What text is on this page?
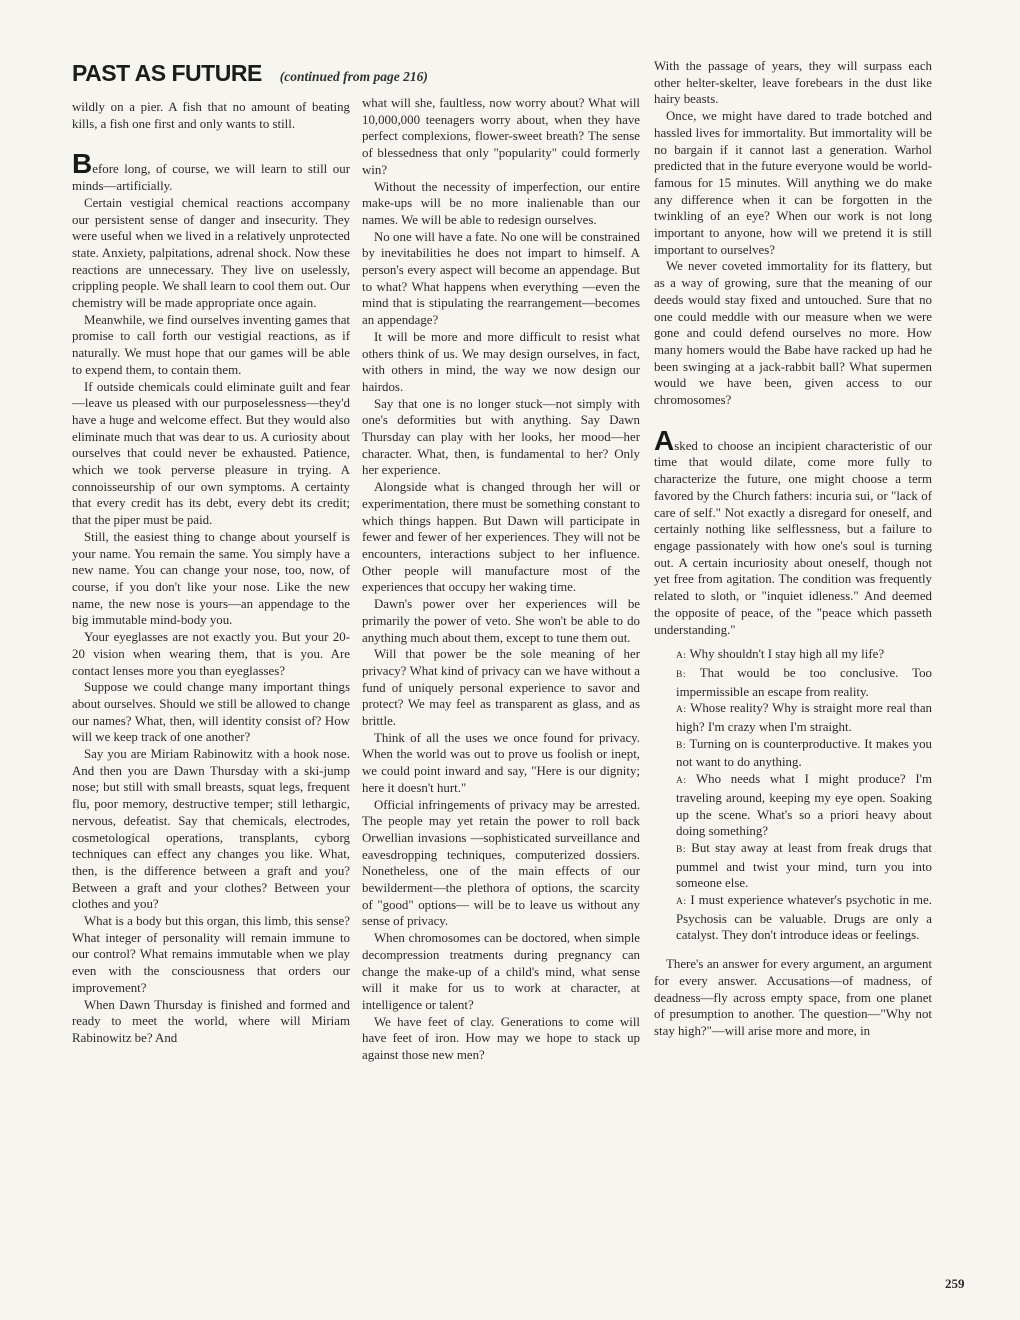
PAST AS FUTURE (continued from page 216)

wildly on a pier. A fish that no amount of beating kills, a fish one first and only wants to still.

Before long, of course, we will learn to still our minds—artificially.

Certain vestigial chemical reactions accompany our persistent sense of danger and insecurity. They were useful when we lived in a relatively unprotected state. Anxiety, palpitations, adrenal shock. Now these reactions are unnecessary. They live on uselessly, crippling people. We shall learn to cool them out. Our chemistry will be made appropriate once again.

Meanwhile, we find ourselves inventing games that promise to call forth our vestigial reactions, as if naturally. We must hope that our games will be able to expend them, to contain them.

If outside chemicals could eliminate guilt and fear—leave us pleased with our purposelessness—they'd have a huge and welcome effect. But they would also eliminate much that was dear to us. A curiosity about ourselves that could never be exhausted. Patience, which we took perverse pleasure in trying. A connoisseurship of our own symptoms. A certainty that every credit has its debt, every debt its credit; that the piper must be paid.

Still, the easiest thing to change about yourself is your name. You remain the same. You simply have a new name. You can change your nose, too, now, of course, if you don't like your nose. Like the new name, the new nose is yours—an appendage to the big immutable mind-body you.

Your eyeglasses are not exactly you. But your 20-20 vision when wearing them, that is you. Are contact lenses more you than eyeglasses?

Suppose we could change many important things about ourselves. Should we still be allowed to change our names? What, then, will identity consist of? How will we keep track of one another?

Say you are Miriam Rabinowitz with a hook nose. And then you are Dawn Thursday with a ski-jump nose; but still with small breasts, squat legs, frequent flu, poor memory, destructive temper; still lethargic, nervous, defeatist. Say that chemicals, electrodes, cosmetological operations, transplants, cyborg techniques can effect any changes you like. What, then, is the difference between a graft and you? Between a graft and your clothes? Between your clothes and you?

What is a body but this organ, this limb, this sense? What integer of personality will remain immune to our control? What remains immutable when we play even with the consciousness that orders our improvement?

When Dawn Thursday is finished and formed and ready to meet the world, where will Miriam Rabinowitz be? And

what will she, faultless, now worry about? What will 10,000,000 teenagers worry about, when they have perfect complexions, flower-sweet breath? The sense of blessedness that only "popularity" could formerly win?

Without the necessity of imperfection, our entire make-ups will be no more inalienable than our names. We will be able to redesign ourselves.

No one will have a fate. No one will be constrained by inevitabilities he does not impart to himself. A person's every aspect will become an appendage. But to what? What happens when everything —even the mind that is stipulating the rearrangement—becomes an appendage?

It will be more and more difficult to resist what others think of us. We may design ourselves, in fact, with others in mind, the way we now design our hairdos.

Say that one is no longer stuck—not simply with one's deformities but with anything. Say Dawn Thursday can play with her looks, her mood—her character. What, then, is fundamental to her? Only her experience.

Alongside what is changed through her will or experimentation, there must be something constant to which things happen. But Dawn will participate in fewer and fewer of her experiences. They will not be encounters, interactions subject to her influence. Other people will manufacture most of the experiences that occupy her waking time.

Dawn's power over her experiences will be primarily the power of veto. She won't be able to do anything much about them, except to tune them out.

Will that power be the sole meaning of her privacy? What kind of privacy can we have without a fund of uniquely personal experience to savor and protect? We may feel as transparent as glass, and as brittle.

Think of all the uses we once found for privacy. When the world was out to prove us foolish or inept, we could point inward and say, "Here is our dignity; here it doesn't hurt."

Official infringements of privacy may be arrested. The people may yet retain the power to roll back Orwellian invasions —sophisticated surveillance and eavesdropping techniques, computerized dossiers. Nonetheless, one of the main effects of our bewilderment—the plethora of options, the scarcity of "good" options— will be to leave us without any sense of privacy.

When chromosomes can be doctored, when simple decompression treatments during pregnancy can change the make-up of a child's mind, what sense will it make for us to work at character, at intelligence or talent?

We have feet of clay. Generations to come will have feet of iron. How may we hope to stack up against those new men?

With the passage of years, they will surpass each other helter-skelter, leave forebears in the dust like hairy beasts.

Once, we might have dared to trade botched and hassled lives for immortality. But immortality will be no bargain if it cannot last a generation. Warhol predicted that in the future everyone would be world-famous for 15 minutes. Will anything we do make any difference when it can be forgotten in the twinkling of an eye? When our work is not long important to anyone, how will we pretend it is still important to ourselves?

We never coveted immortality for its flattery, but as a way of growing, sure that the meaning of our deeds would stay fixed and untouched. Sure that no one could meddle with our measure when we were gone and could defend ourselves no more. How many homers would the Babe have racked up had he been swinging at a jack-rabbit ball? What supermen would we have been, given access to our chromosomes?

Asked to choose an incipient characteristic of our time that would dilate, come more fully to characterize the future, one might choose a term favored by the Church fathers: incuria sui, or "lack of care of self." Not exactly a disregard for oneself, and certainly nothing like selflessness, but a failure to engage passionately with how one's soul is turning out. A certain incuriosity about oneself, though not yet free from agitation. The condition was frequently related to sloth, or "inquiet idleness." And deemed the opposite of peace, of the "peace which passeth understanding."

A: Why shouldn't I stay high all my life?

B: That would be too conclusive. Too impermissible an escape from reality.

A: Whose reality? Why is straight more real than high? I'm crazy when I'm straight.

B: Turning on is counterproductive. It makes you not want to do anything.

A: Who needs what I might produce? I'm traveling around, keeping my eye open. Soaking up the scene. What's so a priori heavy about doing something?

B: But stay away at least from freak drugs that pummel and twist your mind, turn you into someone else.

A: I must experience whatever's psychotic in me. Psychosis can be valuable. Drugs are only a catalyst. They don't introduce ideas or feelings.

There's an answer for every argument, an argument for every answer. Accusations—of madness, of deadness—fly across empty space, from one planet of presumption to another. The question—"Why not stay high?"—will arise more and more, in

259
